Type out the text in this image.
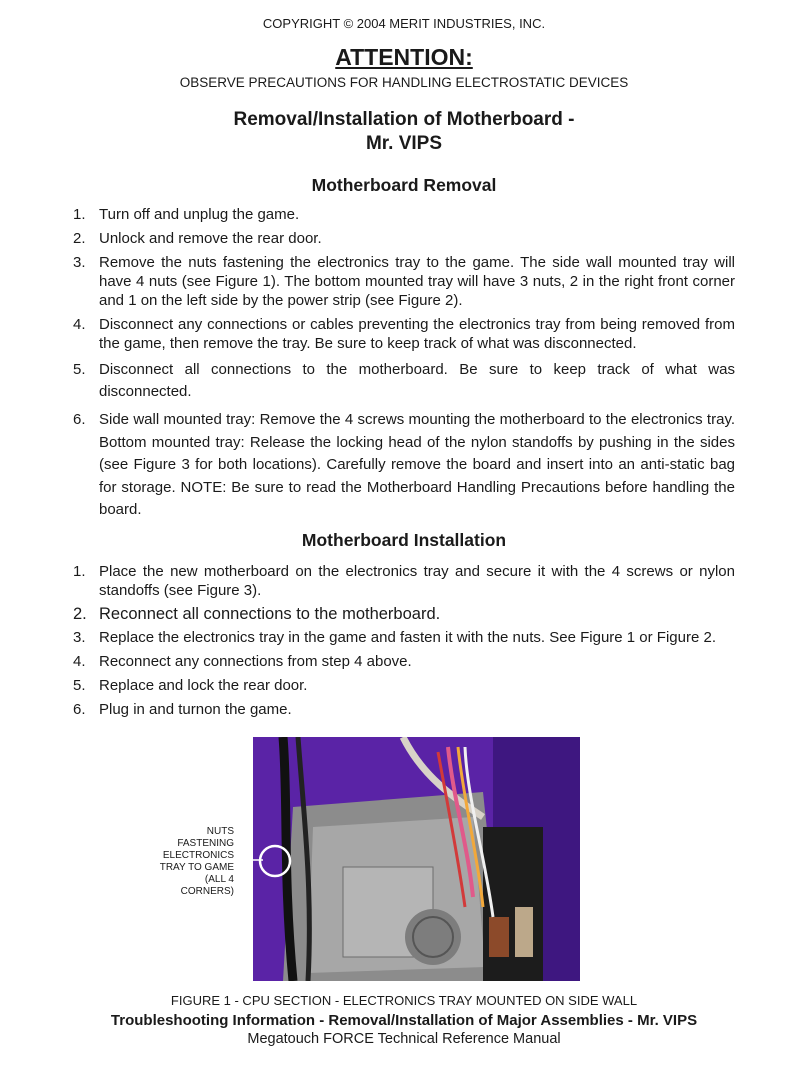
COPYRIGHT © 2004 MERIT INDUSTRIES, INC.
ATTENTION:
OBSERVE PRECAUTIONS FOR HANDLING ELECTROSTATIC DEVICES
Removal/Installation of Motherboard -
Mr. VIPS
Motherboard Removal
1. Turn off and unplug the game.
2. Unlock and remove the rear door.
3. Remove the nuts fastening the electronics tray to the game. The side wall mounted tray will have 4 nuts (see Figure 1). The bottom mounted tray will have 3 nuts, 2 in the right front corner and 1 on the left side by the power strip (see Figure 2).
4. Disconnect any connections or cables preventing the electronics tray from being removed from the game, then remove the tray. Be sure to keep track of what was disconnected.
5. Disconnect all connections to the motherboard. Be sure to keep track of what was disconnected.
6. Side wall mounted tray: Remove the 4 screws mounting the motherboard to the electronics tray. Bottom mounted tray: Release the locking head of the nylon standoffs by pushing in the sides (see Figure 3 for both locations). Carefully remove the board and insert into an anti-static bag for storage. NOTE: Be sure to read the Motherboard Handling Precautions before handling the board.
Motherboard Installation
1. Place the new motherboard on the electronics tray and secure it with the 4 screws or nylon standoffs (see Figure 3).
2. Reconnect all connections to the motherboard.
3. Replace the electronics tray in the game and fasten it with the nuts. See Figure 1 or Figure 2.
4. Reconnect any connections from step 4 above.
5. Replace and lock the rear door.
6. Plug in and turnon the game.
NUTS
FASTENING
ELECTRONICS
TRAY TO GAME
(ALL 4
CORNERS)
FIGURE 1 - CPU SECTION - ELECTRONICS TRAY MOUNTED ON SIDE WALL
Troubleshooting Information - Removal/Installation of Major Assemblies - Mr. VIPS
Megatouch FORCE Technical Reference Manual
